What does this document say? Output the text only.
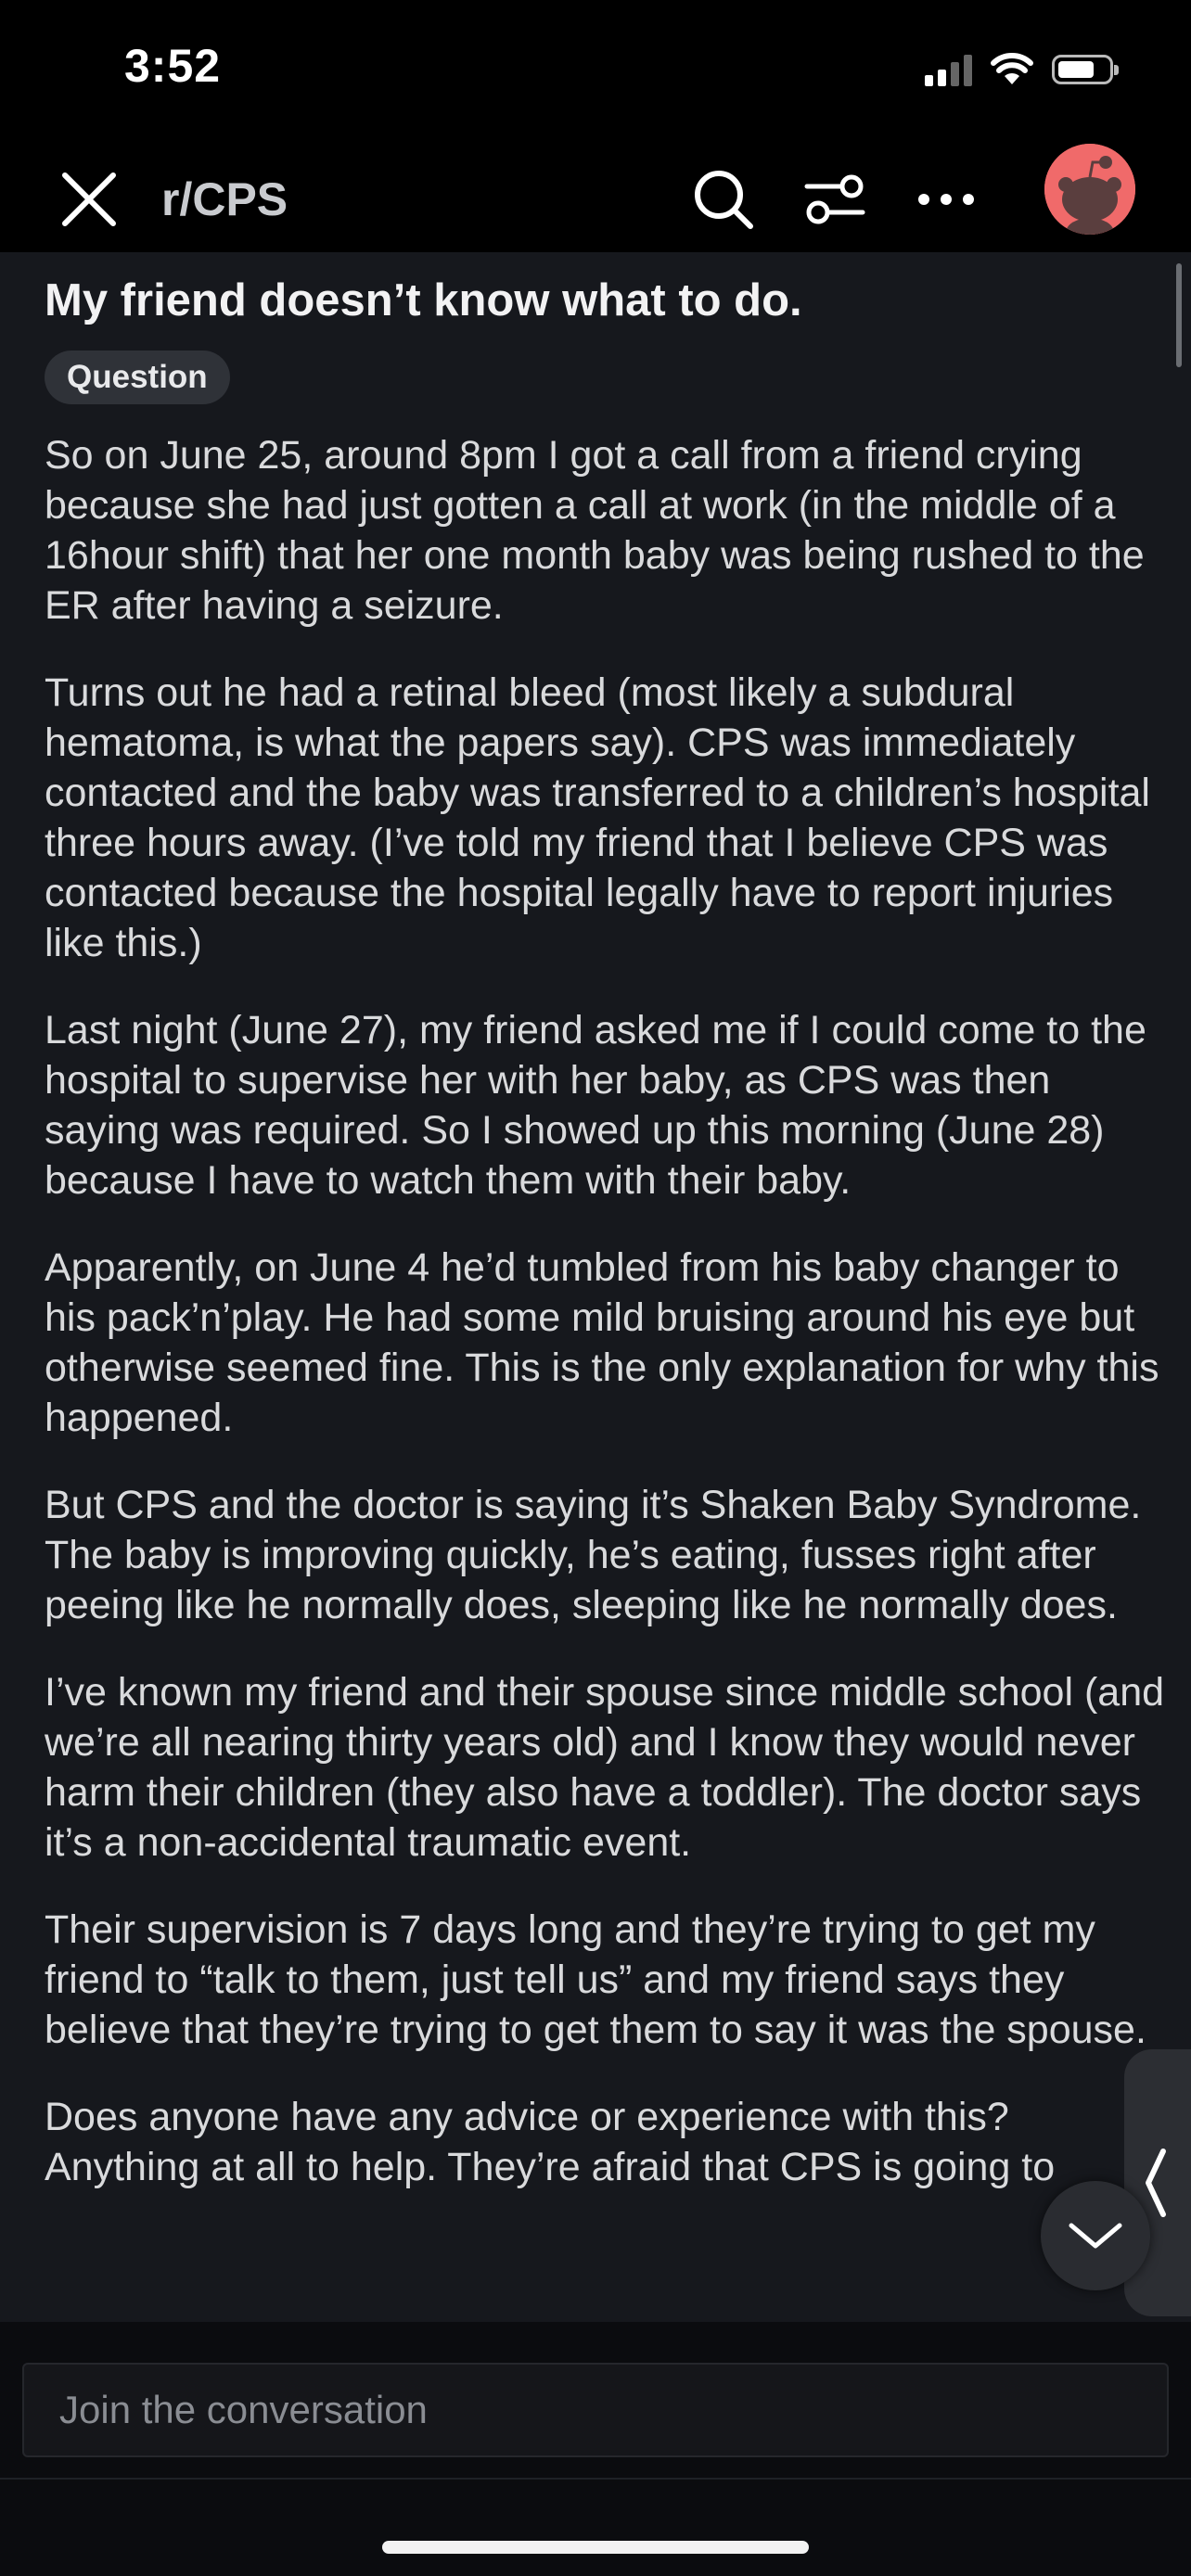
3:52
r/CPS
My friend doesn’t know what to do.
Question

So on June 25, around 8pm I got a call from a friend crying because she had just gotten a call at work (in the middle of a 16hour shift) that her one month baby was being rushed to the ER after having a seizure.

Turns out he had a retinal bleed (most likely a subdural hematoma, is what the papers say). CPS was immediately contacted and the baby was transferred to a children’s hospital three hours away. (I’ve told my friend that I believe CPS was contacted because the hospital legally have to report injuries like this.)

Last night (June 27), my friend asked me if I could come to the hospital to supervise her with her baby, as CPS was then saying was required. So I showed up this morning (June 28) because I have to watch them with their baby.

Apparently, on June 4 he’d tumbled from his baby changer to his pack’n’play. He had some mild bruising around his eye but otherwise seemed fine. This is the only explanation for why this happened.

But CPS and the doctor is saying it’s Shaken Baby Syndrome. The baby is improving quickly, he’s eating, fusses right after peeing like he normally does, sleeping like he normally does.

I’ve known my friend and their spouse since middle school (and we’re all nearing thirty years old) and I know they would never harm their children (they also have a toddler). The doctor says it’s a non-accidental traumatic event.

Their supervision is 7 days long and they’re trying to get my friend to “talk to them, just tell us” and my friend says they believe that they’re trying to get them to say it was the spouse.

Does anyone have any advice or experience with this? Anything at all to help. They’re afraid that CPS is going to

Join the conversation
